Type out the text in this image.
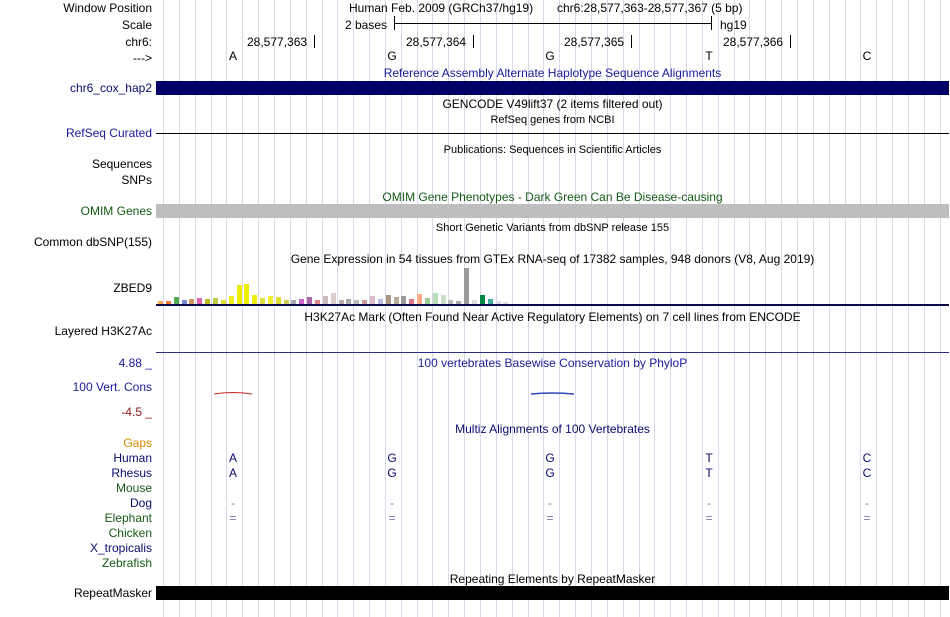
Window Position
Scale
chr6:
--->
Human Feb. 2009 (GRCh37/hg19) chr6:28,577,363-28,577,367 (5 bp)
2 bases	hg19
28,577,363	28,577,364	28,577,365	28,577,366
A	G	G	T	C
Reference Assembly Alternate Haplotype Sequence Alignments
chr6_cox_hap2
GENCODE V49lift37 (2 items filtered out)
RefSeq genes from NCBI
RefSeq Curated
Publications: Sequences in Scientific Articles
Sequences
SNPs
OMIM Gene Phenotypes - Dark Green Can Be Disease-causing
OMIM Genes
Short Genetic Variants from dbSNP release 155
Common dbSNP(155)
Gene Expression in 54 tissues from GTEx RNA-seq of 17382 samples, 948 donors (V8, Aug 2019)
ZBED9
H3K27Ac Mark (Often Found Near Active Regulatory Elements) on 7 cell lines from ENCODE
Layered H3K27Ac
100 vertebrates Basewise Conservation by PhyloP
4.88 _
100 Vert. Cons
-4.5 _
Multiz Alignments of 100 Vertebrates
Gaps
Human	A	G	G	T	C
Rhesus	A	G	G	T	C
Mouse
Dog	-	-	-	-	-
Elephant	=	=	=	=	=
Chicken
X_tropicalis
Zebrafish
Repeating Elements by RepeatMasker
RepeatMasker
